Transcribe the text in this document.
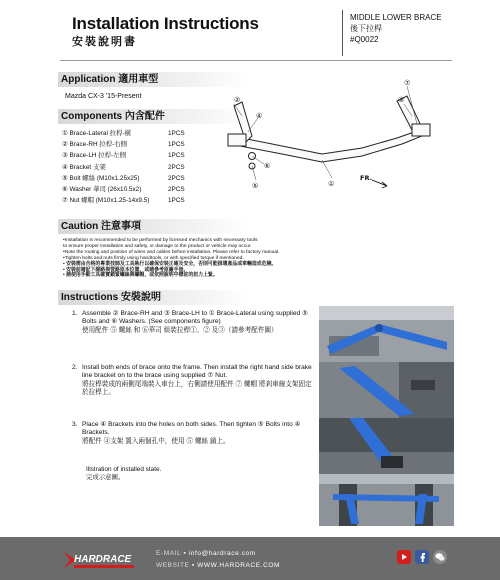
Installation Instructions
安裝說明書
MIDDLE LOWER BRACE
後下拉桿
#Q0022
Application 適用車型
Mazda CX-3 '15-Present
Components 內含配件
① Brace-Lateral 拉桿-橫
② Brace-RH 拉桿-右側
③ Brace-LH 拉桿-左側
④ Bracket 支架
⑤ Bolt 螺絲 (M10x1.25x25)
⑥ Washer 華司 (26x10.5x2)
⑦ Nut 螺帽 (M10x1.25-14x9.5)
1PCS
1PCS
1PCS
2PCS
2PCS
2PCS
1PCS
①
②	③
④
⑥
⑤
⑦
FR.
Caution 注意事項
•Installation is recommended to be performed by licensed mechanics with necessary tools
to ensure proper installation and safety, or damage to the product or vehicle may occur.
•Note the routing and position of wires and cables before installation. Please refer to factory manual.
•Tighten bolts and nuts firmly using handtools, or with specified torque if mentioned.
• 安裝需由合格的專業技師及工具執行以確保安裝正確及安全，否則可能損壞產品或車輛造成危險。
• 安裝前請記下線路與管路原本位置，或請參考原廠手冊。
• 請使用手動工具確實鎖緊螺絲與螺帽，或依照說明中標註的扭力上緊。
Instructions 安裝說明
1. Assemble ② Brace-RH and ③ Brace-LH to ① Brace-Lateral using supplied ⑤ Bolts and ⑥ Washers. (See components figure)
使用配件 ⑤ 螺絲 和 ⑥華司 組裝拉桿①、② 及③（請參考配件圖）
2. Install both ends of brace onto the frame. Then install the right hand side brake line bracket on to the brace using supplied ⑦ Nut.
將拉桿裝成的兩側尾端裝入車台上，右側請使用配件 ⑦ 螺帽 將剎車線支架固定於拉桿上。
3. Place ④ Brackets into the holes on both sides. Then tighten ⑤ Bolts into ④ Brackets.
將配件 ④支架 置入兩個孔中，使用 ⑤ 螺絲 鎖上。
Illstration of installed state.
完成示意圖。
HARDRACE
E-MAIL ▪ info@hardrace.com
WEBSITE ▪ WWW.HARDRACE.COM
